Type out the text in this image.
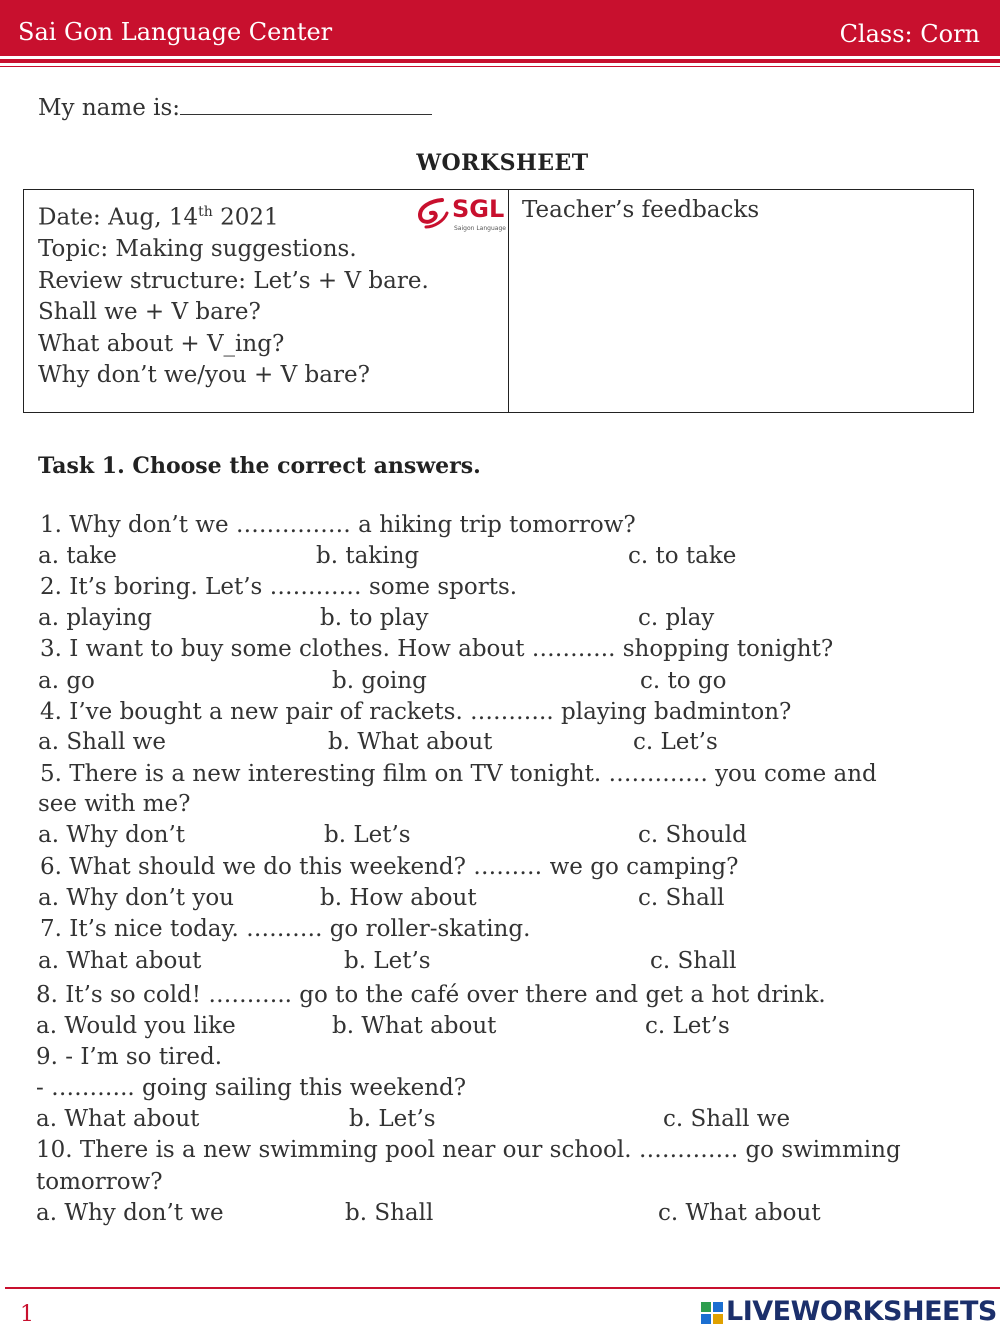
Sai Gon Language Center	Class: Corn
My name is:
WORKSHEET
Date: Aug, 14th 2021
Topic: Making suggestions.
Review structure: Let’s + V bare.
Shall we + V bare?
What about + V_ing?
Why don’t we/you + V bare?
SGL
Saigon Language
Teacher’s feedbacks
Task 1. Choose the correct answers.
1. Why don’t we …………… a hiking trip tomorrow?
a. take	b. taking	c. to take
2. It’s boring. Let’s ………… some sports.
a. playing	b. to play	c. play
3. I want to buy some clothes. How about ……….. shopping tonight?
a. go	b. going	c. to go
4. I’ve bought a new pair of rackets. ……….. playing badminton?
a. Shall we	b. What about	c. Let’s
5. There is a new interesting film on TV tonight. …………. you come and
see with me?
a. Why don’t	b. Let’s	c. Should
6. What should we do this weekend? ……… we go camping?
a. Why don’t you	b. How about	c. Shall
7. It’s nice today. ………. go roller-skating.
a. What about	b. Let’s	c. Shall
8. It’s so cold! ……….. go to the café over there and get a hot drink.
a. Would you like	b. What about	c. Let’s
9. - I’m so tired.
- ……….. going sailing this weekend?
a. What about	b. Let’s	c. Shall we
10. There is a new swimming pool near our school. …………. go swimming
tomorrow?
a. Why don’t we	b. Shall	c. What about
1	LIVEWORKSHEETS
